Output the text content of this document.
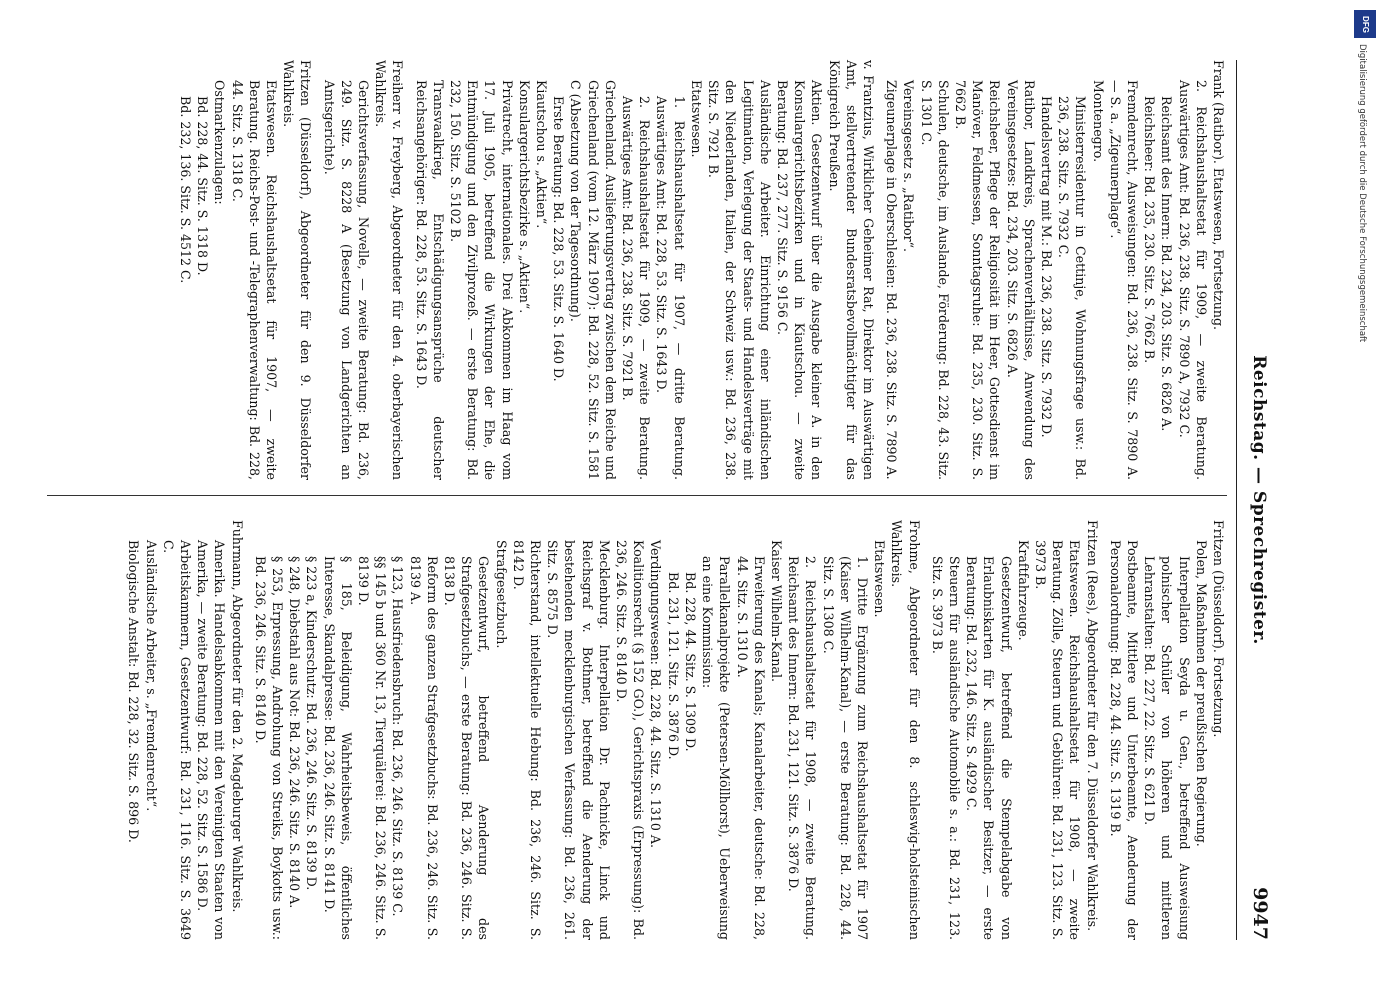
Reichstag. — Sprechregister.
9947
Frank (Ratibor). Etatswesen, Fortsetzung.
2. Reichshaushaltsetat für 1909, — zweite Beratung. Auswärtiges Amt: Bd. 236, 238. Sitz. S. 7890 A, 7932 C.
Reichsamt des Innern: Bd. 234, 203. Sitz. S. 6826 A.
Reichsheer: Bd. 235, 230. Sitz. S. 7662 B.
Fremdenrecht, Ausweisungen: Bd. 236, 238. Sitz. S. 7890 A. — S. a. „Zigeunerplage“.
Montenegro.
Ministerresidentur in Cettinje, Wohnungsfrage usw.: Bd. 236, 238. Sitz. S. 7932 C.
Handelsvertrag mit M.: Bd. 236, 238. Sitz. S. 7932 D.
Ratibor, Landkreis, Sprachenverhältnisse, Anwendung des Vereinsgesetzes: Bd. 234, 203. Sitz. S. 6826 A.
Reichsheer, Pflege der Religiosität im Heer, Gottesdienst im Manöver, Feldmessen, Sonntagsruhe: Bd. 235, 230. Sitz. S. 7662 B.
Schulen, deutsche, im Auslande, Förderung: Bd. 228, 43. Sitz. S. 1301 C.
Vereinsgesetz s. „Ratibor“.
Zigeunerplage in Oberschlesien: Bd. 236, 238. Sitz. S. 7890 A.
v. Frantzius, Wirklicher Geheimer Rat, Direktor im Auswärtigen Amt, stellvertretender Bundesratsbevollmächtigter für das Königreich Preußen.
Aktien. Gesetzentwurf über die Ausgabe kleiner A. in den Konsulargerichtsbezirken und in Kiautschou. — zweite Beratung: Bd. 237, 277. Sitz. S. 9156 C.
Ausländische Arbeiter. Einrichtung einer inländischen Legitimation, Verlegung der Staats- und Handelsverträge mit den Niederlanden, Italien, der Schweiz usw.: Bd. 236, 238. Sitz. S. 7921 B.
Etatswesen.
1. Reichshaushaltsetat für 1907, — dritte Beratung. Auswärtiges Amt: Bd. 228, 53. Sitz. S. 1643 D.
2. Reichshaushaltsetat für 1909, — zweite Beratung. Auswärtiges Amt: Bd. 236, 238. Sitz. S. 7921 B.
Griechenland. Auslieferungsvertrag zwischen dem Reiche und Griechenland (vom 12. März 1907): Bd. 228, 52. Sitz. S. 1581 C (Absetzung von der Tagesordnung).
Erste Beratung: Bd. 228, 53. Sitz. S. 1640 D.
Kiautschou s. „Aktien“.
Konsulargerichtsbezirke s. „Aktien“.
Privatrecht, internationales. Drei Abkommen im Haag vom 17. Juli 1905, betreffend die Wirkungen der Ehe, die Entmündigung und den Zivilprozeß. — erste Beratung: Bd. 232, 150. Sitz. S. 5102 B.
Transvaalkrieg, Entschädigungsansprüche deutscher Reichsangehöriger: Bd. 228, 53. Sitz. S. 1643 D.
Freiherr v. Freyberg, Abgeordneter für den 4. oberbayerischen Wahlkreis.
Gerichtsverfassung, Novelle, — zweite Beratung: Bd. 236, 249. Sitz. S. 8228 A (Besetzung von Landgerichten an Amtsgerichte).
Fritzen (Düsseldorf), Abgeordneter für den 9. Düsseldorfer Wahlkreis.
Etatswesen. Reichshaushaltsetat für 1907, — zweite Beratung. Reichs-Post- und -Telegraphenverwaltung: Bd. 228, 44. Sitz. S. 1318 C.
Ostmarkenzulagen:
Bd. 228, 44. Sitz. S. 1318 D.
Bd. 232, 136. Sitz. S. 4512 C.
Fritzen (Düsseldorf). Fortsetzung.
Polen, Maßnahmen der preußischen Regierung.
Interpellation Seyda u. Gen., betreffend Ausweisung polnischer Schüler von höheren und mittleren Lehranstalten: Bd. 227, 22. Sitz. S. 621 D.
Postbeamte, Mittlere und Unterbeamte, Aenderung der Personalordnung: Bd. 228, 44. Sitz. S. 1319 B.
Fritzen (Rees), Abgeordneter für den 7. Düsseldorfer Wahlkreis.
Etatswesen. Reichshaushaltsetat für 1908, — zweite Beratung. Zölle, Steuern und Gebühren: Bd. 231, 123. Sitz. S. 3973 B.
Kraftfahrzeuge.
Gesetzentwurf, betreffend die Stempelabgabe von Erlaubniskarten für K. ausländischer Besitzer, — erste Beratung: Bd. 232, 146. Sitz. S. 4929 C.
Steuern für ausländische Automobile s. a.: Bd. 231, 123. Sitz. S. 3973 B.
Frohme, Abgeordneter für den 8. schleswig-holsteinischen Wahlkreis.
Etatswesen.
1. Dritte Ergänzung zum Reichshaushaltsetat für 1907 (Kaiser Wilhelm-Kanal), — erste Beratung: Bd. 228, 44. Sitz. S. 1308 C.
2. Reichshaushaltsetat für 1908, — zweite Beratung. Reichsamt des Innern: Bd. 231, 121. Sitz. S. 3876 D.
Kaiser Wilhelm-Kanal.
Erweiterung des Kanals; Kanalarbeiter, deutsche: Bd. 228, 44. Sitz. S. 1310 A.
Parallelkanalprojekte (Petersen-Möllhorst), Ueberweisung an eine Kommission:
Bd. 228, 44. Sitz. S. 1309 D.
Bd. 231, 121. Sitz. S. 3876 D.
Verdingungswesen: Bd. 228, 44. Sitz. S. 1310 A.
Koalitionsrecht (§ 152 GO.), Gerichtspraxis (Erpressung): Bd. 236, 246. Sitz. S. 8140 D.
Mecklenburg. Interpellation Dr. Pachnicke, Linck und Reichsgraf v. Bothmer, betreffend die Aenderung der bestehenden mecklenburgischen Verfassung: Bd. 236, 261. Sitz. S. 8575 D.
Richterstand, intellektuelle Hebung: Bd. 236, 246. Sitz. S. 8142 D.
Strafgesetzbuch.
Gesetzentwurf, betreffend Aenderung des Strafgesetzbuchs, — erste Beratung: Bd. 236, 246. Sitz. S. 8138 D.
Reform des ganzen Strafgesetzbuchs: Bd. 236, 246. Sitz. S. 8139 A.
§ 123, Hausfriedensbruch: Bd. 236, 246. Sitz. S. 8139 C.
§§ 145 b und 360 Nr. 13, Tierquälerei: Bd. 236, 246. Sitz. S. 8139 D.
§ 185, Beleidigung, Wahrheitsbeweis, öffentliches Interesse, Skandalpresse: Bd. 236, 246. Sitz. S. 8141 D.
§ 223 a, Kinderschutz: Bd. 236, 246. Sitz. S. 8139 D.
§ 248, Diebstahl aus Not: Bd. 236, 246. Sitz. S. 8140 A.
§ 253, Erpressung, Androhung von Streiks, Boykotts usw.: Bd. 236, 246. Sitz. S. 8140 D.
Fuhrmann, Abgeordneter für den 2. Magdeburger Wahlkreis.
Amerika. Handelsabkommen mit den Vereinigten Staaten von Amerika, — zweite Beratung: Bd. 228, 52. Sitz. S. 1586 D.
Arbeitskammern, Gesetzentwurf: Bd. 231, 116. Sitz. S. 3649 C.
Ausländische Arbeiter, s. „Fremdenrecht“.
Biologische Anstalt: Bd. 228, 32. Sitz. S. 896 D.
DFG
Digitalisierung gefördert durch die Deutsche Forschungsgemeinschaft
